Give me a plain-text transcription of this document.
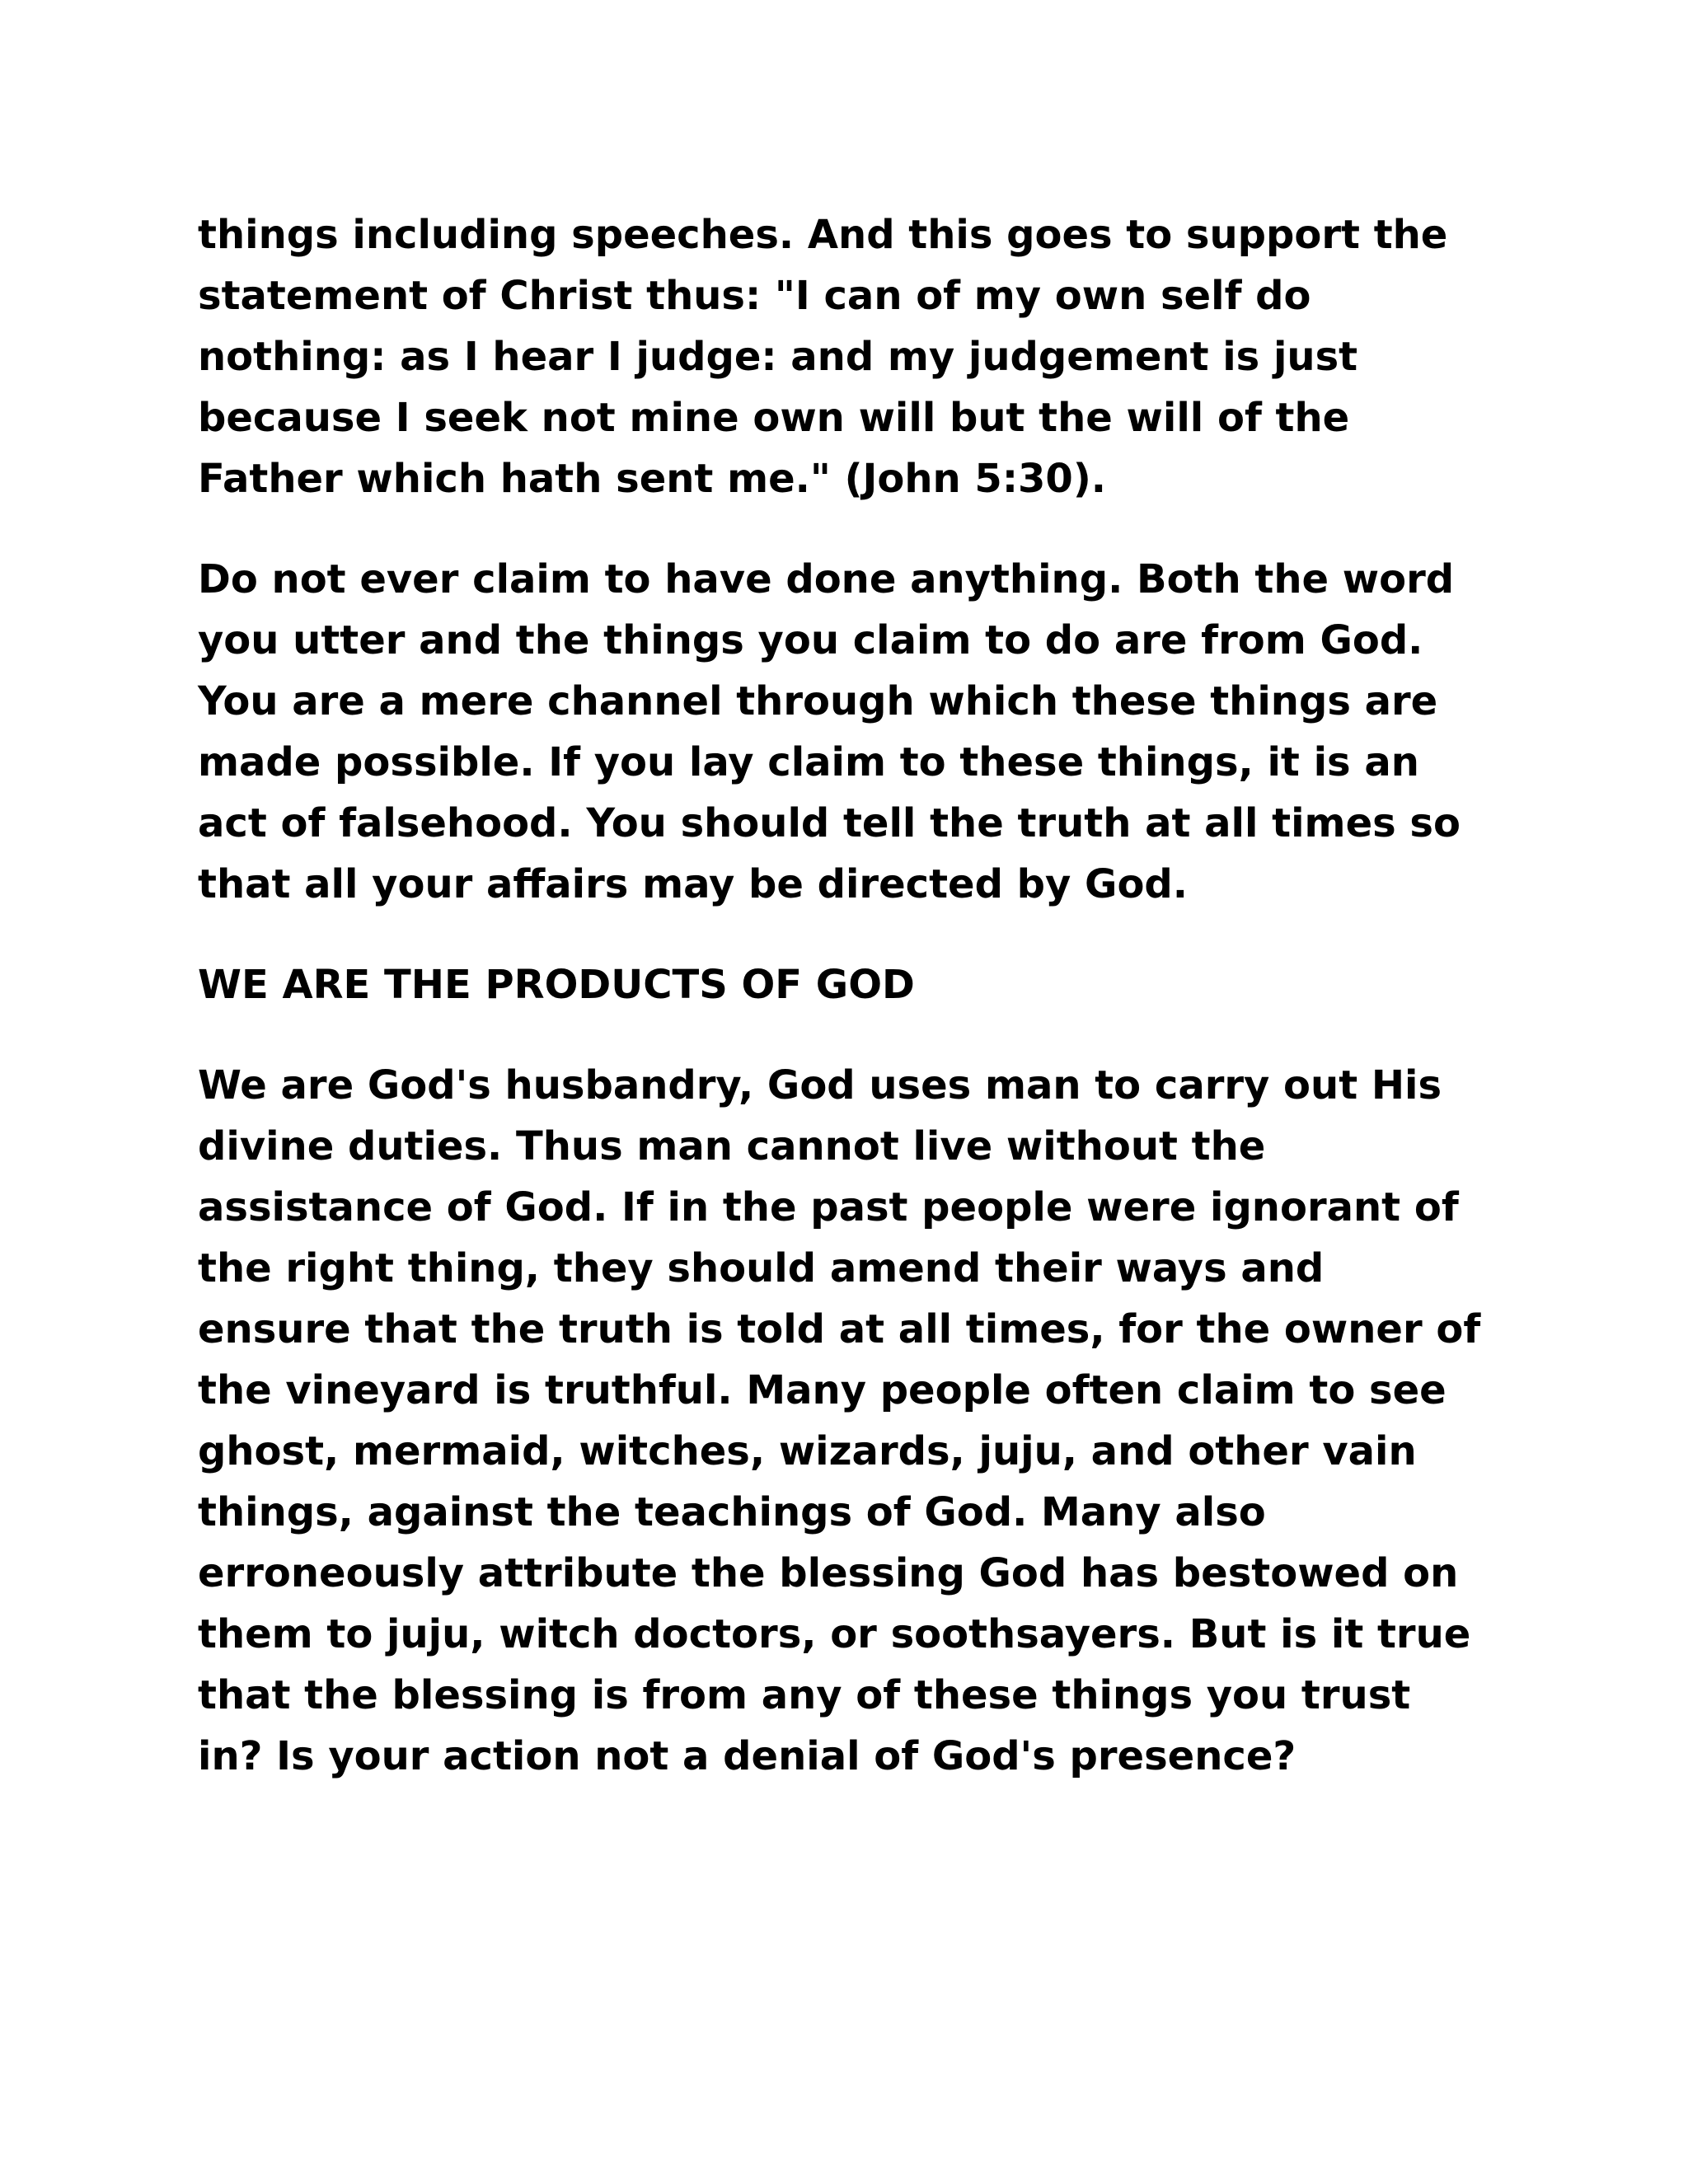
things including speeches. And this goes to support the statement of Christ thus: "I can of my own self do nothing: as I hear I judge: and my judgement is just because I seek not mine own will but the will of the Father which hath sent me." (John 5:30).

Do not ever claim to have done anything. Both the word you utter and the things you claim to do are from God. You are a mere channel through which these things are made possible. If you lay claim to these things, it is an act of falsehood. You should tell the truth at all times so that all your affairs may be directed by God.

WE ARE THE PRODUCTS OF GOD

We are God's husbandry, God uses man to carry out His divine duties. Thus man cannot live without the assistance of God. If in the past people were ignorant of the right thing, they should amend their ways and ensure that the truth is told at all times, for the owner of the vineyard is truthful. Many people often claim to see ghost, mermaid, witches, wizards, juju, and other vain things, against the teachings of God. Many also erroneously attribute the blessing God has bestowed on them to juju, witch doctors, or soothsayers. But is it true that the blessing is from any of these things you trust in? Is your action not a denial of God's presence?
